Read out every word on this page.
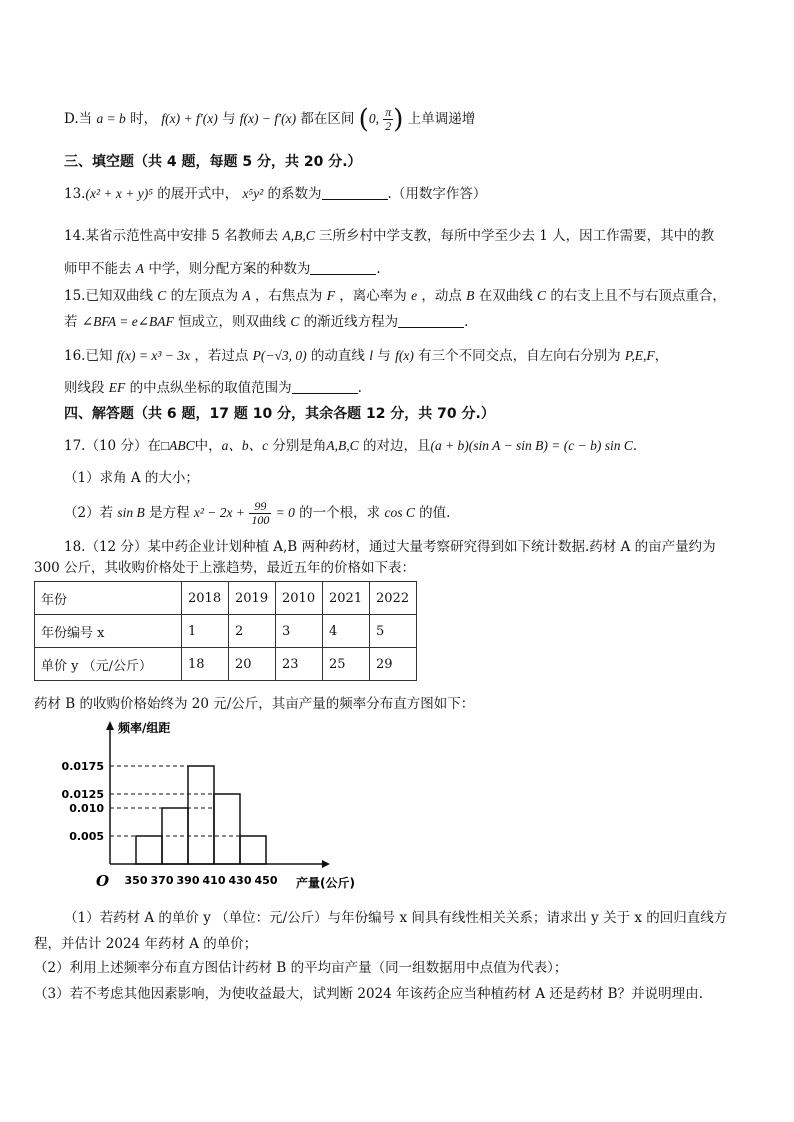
D.当 a = b 时， f(x) + f′(x) 与 f(x) − f′(x) 都在区间 (0, $\frac{\pi}{2}$ ) 上单调递增
三、填空题（共 4 题，每题 5 分，共 20 分.）
13.(x² + x + y)⁵ 的展开式中， x⁵y² 的系数为	.（用数字作答）
14.某省示范性高中安排 5 名教师去 A,B,C 三所乡村中学支教，每所中学至少去 1 人，因工作需要，其中的教
师甲不能去 A 中学，则分配方案的种数为	.
15.已知双曲线 C 的左顶点为 A ，右焦点为 F ，离心率为 e ，动点 B 在双曲线 C 的右支上且不与右顶点重合，
若 ∠BFA = e∠BAF 恒成立，则双曲线 C 的渐近线方程为	.
16.已知 f(x) = x³ − 3x ，若过点 P(−√3, 0) 的动直线 l 与 f(x) 有三个不同交点，自左向右分别为 P,E,F，
则线段 EF 的中点纵坐标的取值范围为	.
四、解答题（共 6 题，17 题 10 分，其余各题 12 分，共 70 分.）
17.（10 分）在□ABC中，a、b、c 分别是角A,B,C 的对边，且(a + b)(sin A − sin B) = (c − b) sin C.
（1）求角 A 的大小；
（2）若 sin B 是方程 $x^2 - 2x + \frac{99}{100} = 0$ 的一个根，求 cos C 的值.
18.（12 分）某中药企业计划种植 A,B 两种药材，通过大量考察研究得到如下统计数据.药材 A 的亩产量约为
300 公斤，其收购价格处于上涨趋势，最近五年的价格如下表：
年份	2018	2019	2010	2021	2022
年份编号 x	1	2	3	4	5
单价 y （元/公斤）	18	20	23	25	29
药材 B 的收购价格始终为 20 元/公斤，其亩产量的频率分布直方图如下：
频率/组距
产量(公斤)
O
0.0175
0.0125
0.010
0.005
350 370 390 410 430 450
（1）若药材 A 的单价 y （单位：元/公斤）与年份编号 x 间具有线性相关关系；请求出 y 关于 x 的回归直线方
程，并估计 2024 年药材 A 的单价；
（2）利用上述频率分布直方图估计药材 B 的平均亩产量（同一组数据用中点值为代表）；
（3）若不考虑其他因素影响，为使收益最大，试判断 2024 年该药企应当种植药材 A 还是药材 B？并说明理由.
